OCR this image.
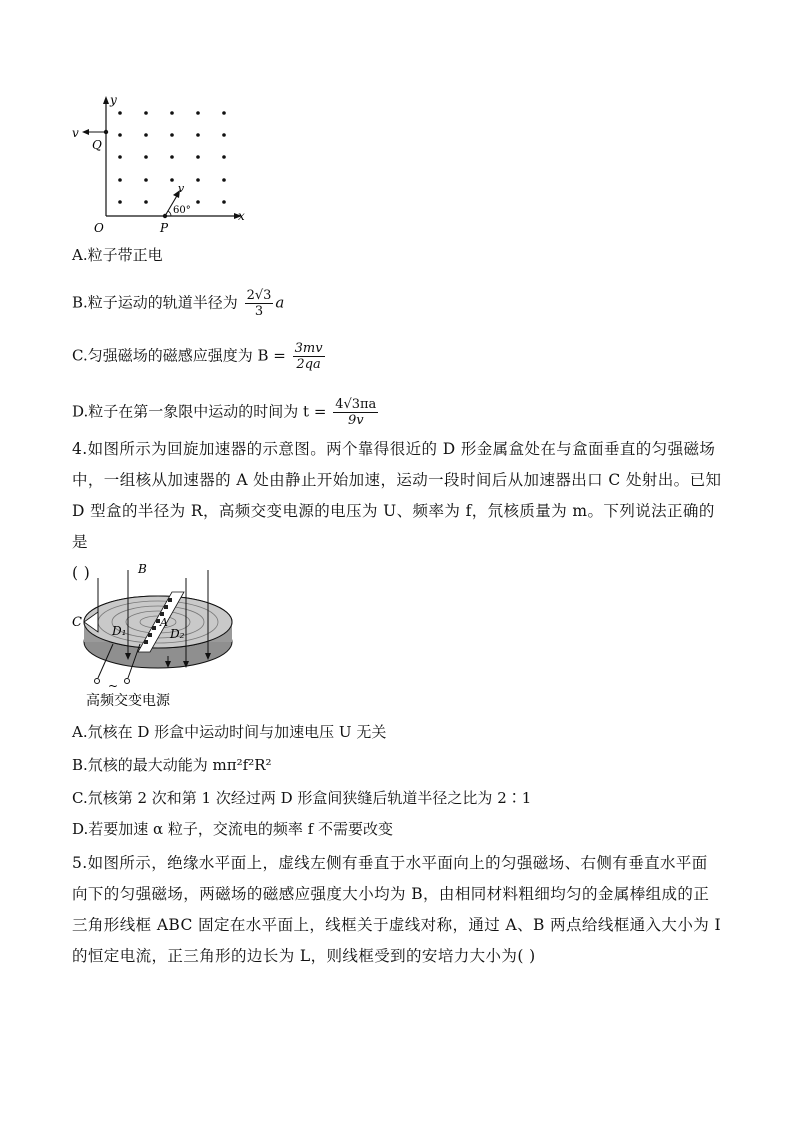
y
x
v
Q
O	P
v
60°
A.粒子带正电
B.粒子运动的轨道半径为 $\frac{2√3}{3}$ a
C.匀强磁场的磁感应强度为 $B = \frac{3mv}{2qa}$
D.粒子在第一象限中运动的时间为 $t = \frac{4√3\pi a}{9v}$
4.如图所示为回旋加速器的示意图。两个靠得很近的 D 形金属盒处在与盒面垂直的匀强磁场
中，一组核从加速器的 A 处由静止开始加速，运动一段时间后从加速器出口 C 处射出。已知
D 型盒的半径为 R，高频交变电源的电压为 U、频率为 f，氘核质量为 m。下列说法正确的是
( )	B
C
D₁	D₂
A
~
高频交变电源
A.氘核在 D 形盒中运动时间与加速电压 U 无关
B.氘核的最大动能为 mπ²f²R²
C.氘核第 2 次和第 1 次经过两 D 形盒间狭缝后轨道半径之比为 2∶1
D.若要加速 α 粒子，交流电的频率 f 不需要改变
5.如图所示，绝缘水平面上，虚线左侧有垂直于水平面向上的匀强磁场、右侧有垂直水平面
向下的匀强磁场，两磁场的磁感应强度大小均为 B，由相同材料粗细均匀的金属棒组成的正
三角形线框 ABC 固定在水平面上，线框关于虚线对称，通过 A、B 两点给线框通入大小为 I
的恒定电流，正三角形的边长为 L，则线框受到的安培力大小为( )
